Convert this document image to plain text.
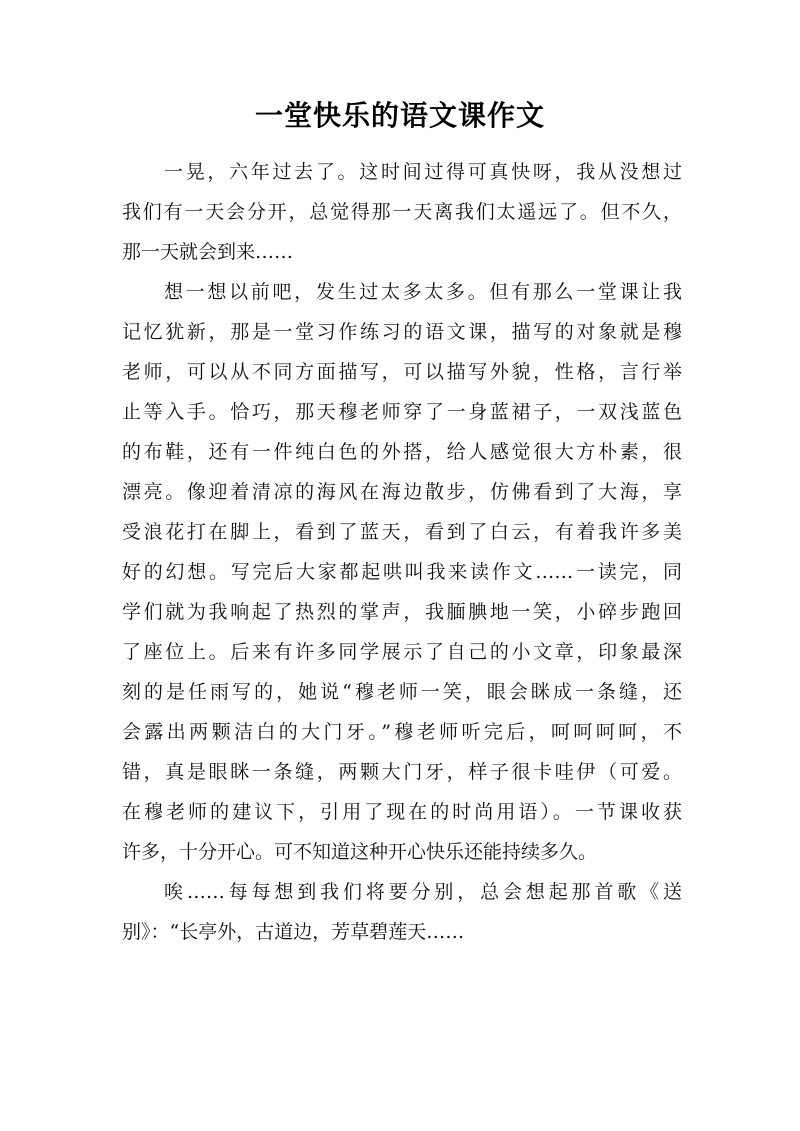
一堂快乐的语文课作文

一晃，六年过去了。这时间过得可真快呀，我从没想过
我们有一天会分开，总觉得那一天离我们太遥远了。但不久，
那一天就会到来……

想一想以前吧，发生过太多太多。但有那么一堂课让我
记忆犹新，那是一堂习作练习的语文课，描写的对象就是穆
老师，可以从不同方面描写，可以描写外貌，性格，言行举
止等入手。恰巧，那天穆老师穿了一身蓝裙子，一双浅蓝色
的布鞋，还有一件纯白色的外搭，给人感觉很大方朴素，很
漂亮。像迎着清凉的海风在海边散步，仿佛看到了大海，享
受浪花打在脚上，看到了蓝天，看到了白云，有着我许多美
好的幻想。写完后大家都起哄叫我来读作文……一读完，同
学们就为我响起了热烈的掌声，我腼腆地一笑，小碎步跑回
了座位上。后来有许多同学展示了自己的小文章，印象最深
刻的是任雨写的，她说“穆老师一笑，眼会眯成一条缝，还
会露出两颗洁白的大门牙。”穆老师听完后，呵呵呵呵，不
错，真是眼眯一条缝，两颗大门牙，样子很卡哇伊（可爱。
在穆老师的建议下，引用了现在的时尚用语）。一节课收获
许多，十分开心。可不知道这种开心快乐还能持续多久。

唉……每每想到我们将要分别，总会想起那首歌《送
别》：“长亭外，古道边，芳草碧莲天……
